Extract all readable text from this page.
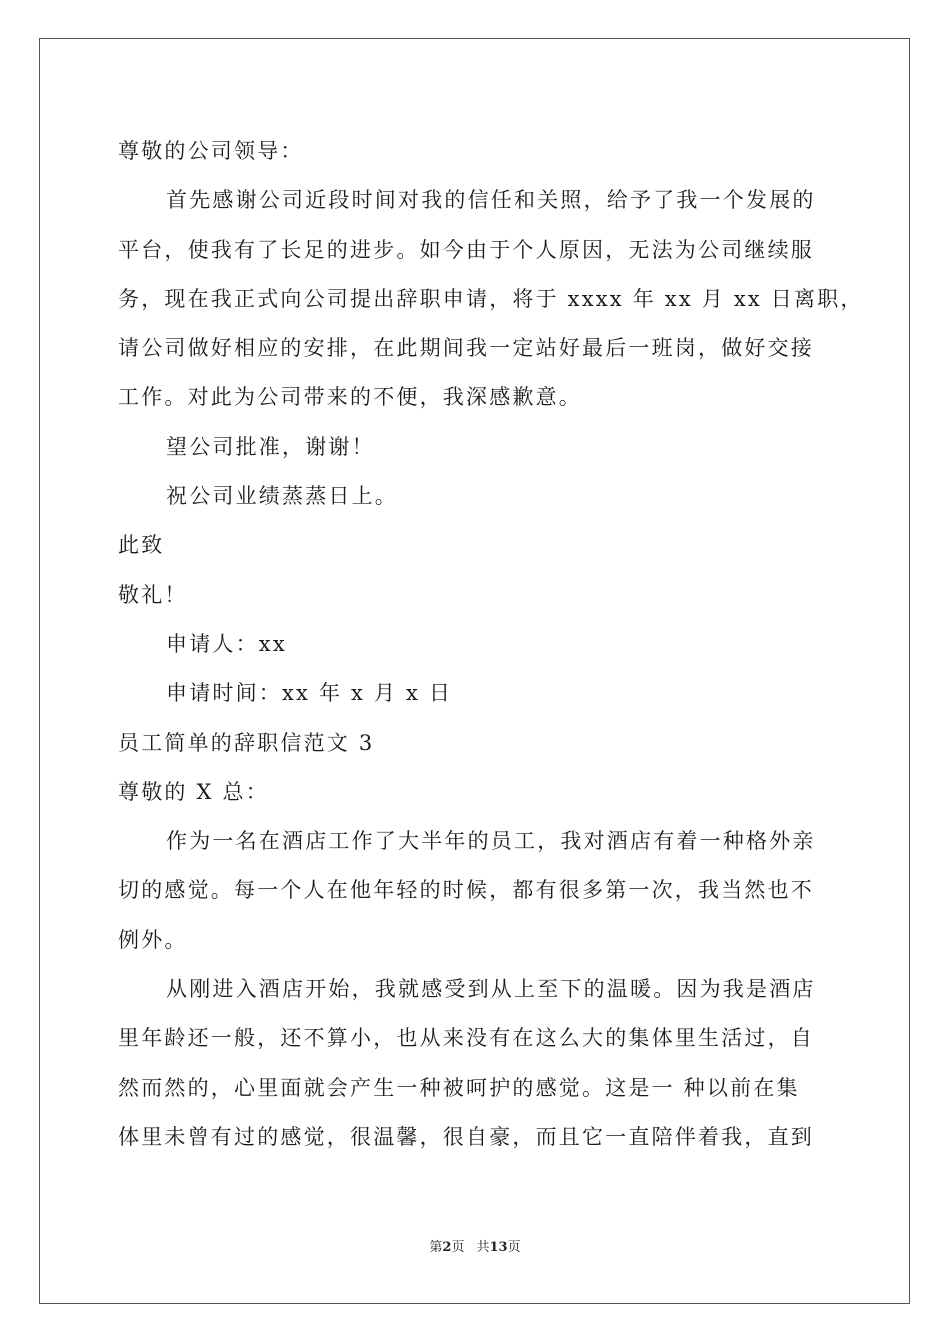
尊敬的公司领导：
首先感谢公司近段时间对我的信任和关照，给予了我一个发展的
平台，使我有了长足的进步。如今由于个人原因，无法为公司继续服
务，现在我正式向公司提出辞职申请，将于 xxxx 年 xx 月 xx 日离职，
请公司做好相应的安排，在此期间我一定站好最后一班岗，做好交接
工作。对此为公司带来的不便，我深感歉意。
望公司批准，谢谢！
祝公司业绩蒸蒸日上。
此致
敬礼！
申请人：xx
申请时间：xx 年 x 月 x 日
员工简单的辞职信范文 3
尊敬的 X 总：
作为一名在酒店工作了大半年的员工，我对酒店有着一种格外亲
切的感觉。每一个人在他年轻的时候，都有很多第一次，我当然也不
例外。
从刚进入酒店开始，我就感受到从上至下的温暖。因为我是酒店
里年龄还一般，还不算小，也从来没有在这么大的集体里生活过，自
然而然的，心里面就会产生一种被呵护的感觉。这是一 种以前在集
体里未曾有过的感觉，很温馨，很自豪，而且它一直陪伴着我，直到
第2页 共13页
